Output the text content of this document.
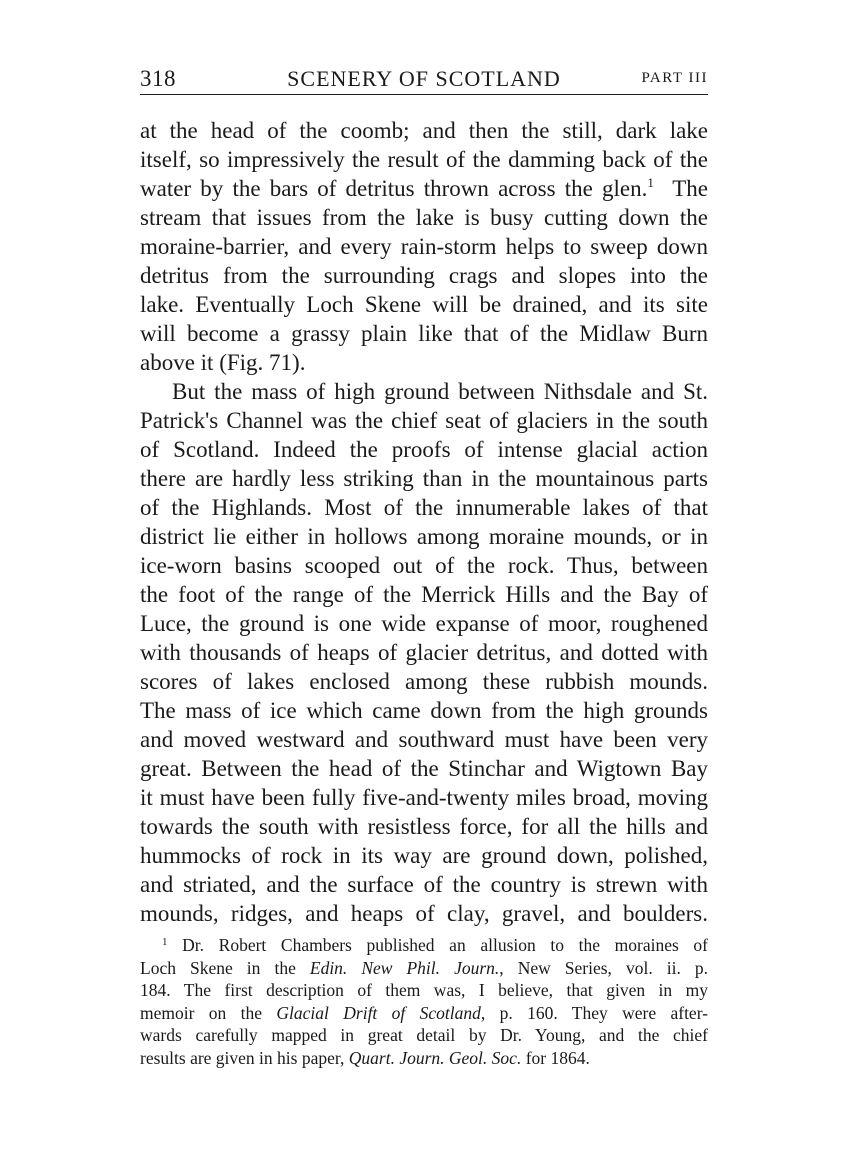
318	SCENERY OF SCOTLAND	PART III
at the head of the coomb; and then the still, dark lake
itself, so impressively the result of the damming back of the
water by the bars of detritus thrown across the glen.$^1$ The
stream that issues from the lake is busy cutting down the
moraine-barrier, and every rain-storm helps to sweep down
detritus from the surrounding crags and slopes into the
lake. Eventually Loch Skene will be drained, and its site
will become a grassy plain like that of the Midlaw Burn
above it (Fig. 71).
But the mass of high ground between Nithsdale and St.
Patrick's Channel was the chief seat of glaciers in the south
of Scotland. Indeed the proofs of intense glacial action
there are hardly less striking than in the mountainous parts
of the Highlands. Most of the innumerable lakes of that
district lie either in hollows among moraine mounds, or in
ice-worn basins scooped out of the rock. Thus, between
the foot of the range of the Merrick Hills and the Bay of
Luce, the ground is one wide expanse of moor, roughened
with thousands of heaps of glacier detritus, and dotted with
scores of lakes enclosed among these rubbish mounds.
The mass of ice which came down from the high grounds
and moved westward and southward must have been very
great. Between the head of the Stinchar and Wigtown Bay
it must have been fully five-and-twenty miles broad, moving
towards the south with resistless force, for all the hills and
hummocks of rock in its way are ground down, polished,
and striated, and the surface of the country is strewn with
mounds, ridges, and heaps of clay, gravel, and boulders.
$^1$ Dr. Robert Chambers published an allusion to the moraines of
Loch Skene in the Edin. New Phil. Journ., New Series, vol. ii. p.
184. The first description of them was, I believe, that given in my
memoir on the Glacial Drift of Scotland, p. 160. They were after-
wards carefully mapped in great detail by Dr. Young, and the chief
results are given in his paper, Quart. Journ. Geol. Soc. for 1864.
